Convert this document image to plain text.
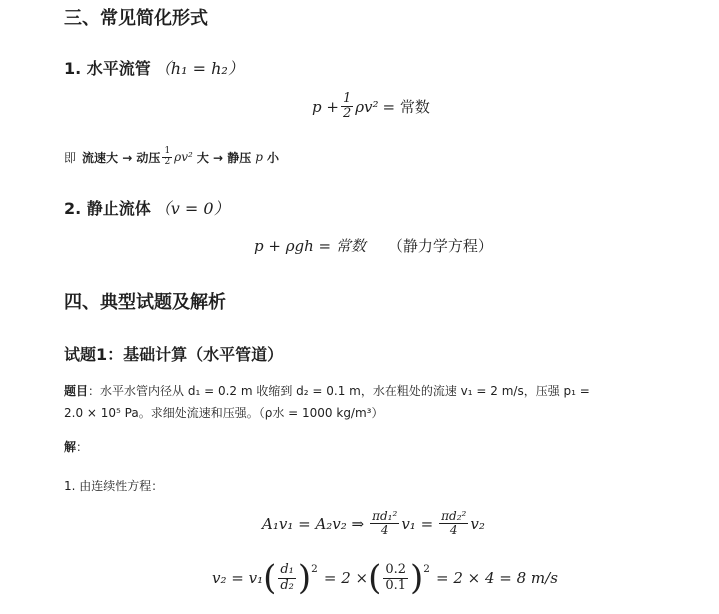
三、常见简化形式
1. 水平流管 （h₁ = h₂）
$p + \frac{1}{2} \rho v^2$ = 常数
即 流速大 → 动压 $\frac{1}{2} \rho v^2$ 大 → 静压 p 小
2. 静止流体 （v = 0）
p + ρgh = 常数 （静力学方程）
四、典型试题及解析
试题1：基础计算（水平管道）
题目：水平水管内径从 d₁ = 0.2 m 收缩到 d₂ = 0.1 m，水在粗处的流速 v₁ = 2 m/s，压强 p₁ =
2.0 × 10⁵ Pa。求细处流速和压强。（ρ水 = 1000 kg/m³）
解：
1. 由连续性方程：
A₁v₁ = A₂v₂ ⇒ $\frac{\text{πd₁²}}{4} v_1 = \frac{\text{πd₂²}}{4} v_2$
v₂ = v₁ ( $\frac{\text{d₁}}{\text{d₂}}$ ) 2 = 2 × ( $\frac{0.2}{0.1}$ ) 2 = 2 × 4 = 8 m/s
